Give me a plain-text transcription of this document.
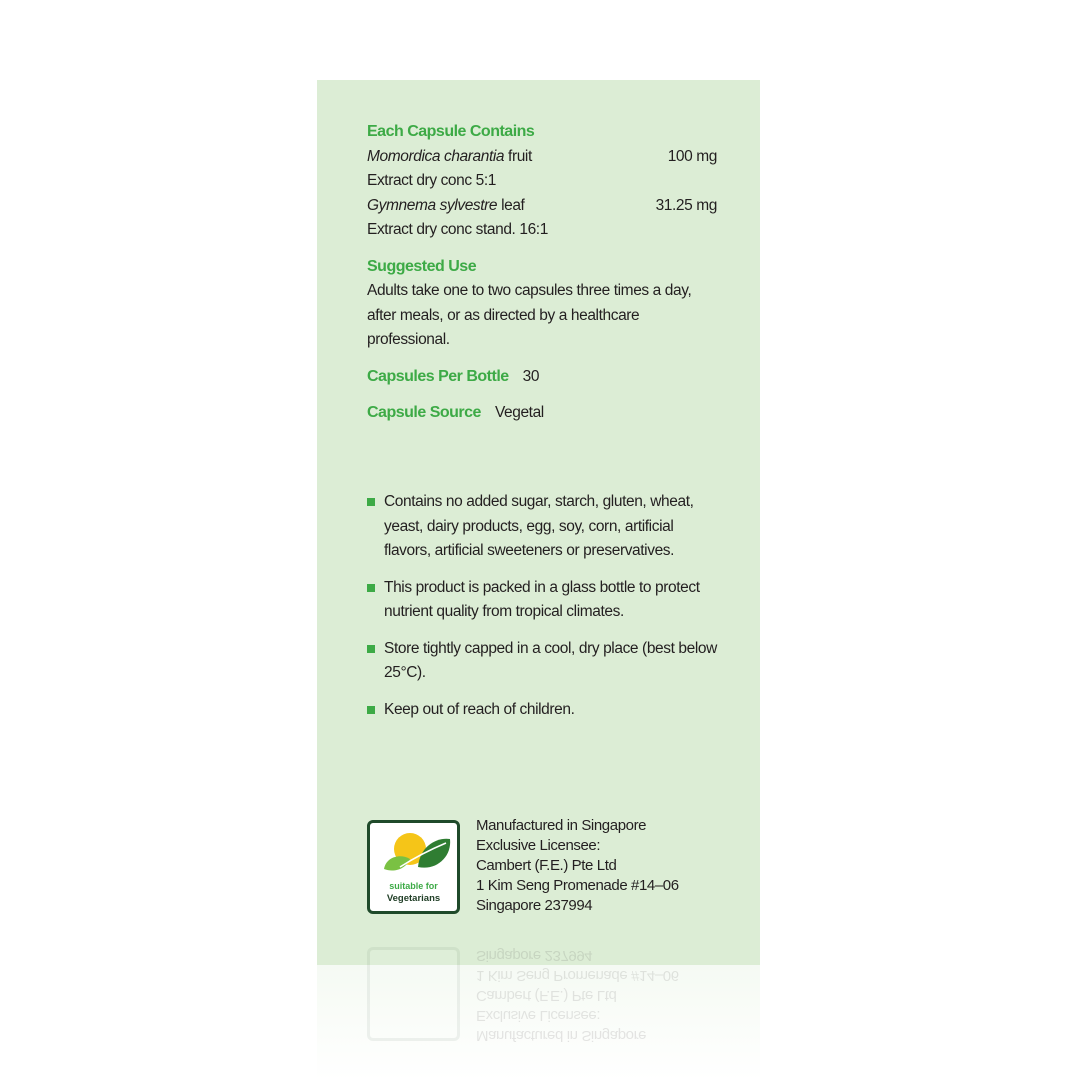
Each Capsule Contains
Momordica charantia fruit	100 mg
Extract dry conc 5:1
Gymnema sylvestre leaf	31.25 mg
Extract dry conc stand. 16:1
Suggested Use
Adults take one to two capsules three times a day, after meals, or as directed by a healthcare professional.
Capsules Per Bottle 30
Capsule Source Vegetal
Contains no added sugar, starch, gluten, wheat, yeast, dairy products, egg, soy, corn, artificial flavors, artificial sweeteners or preservatives.
This product is packed in a glass bottle to protect nutrient quality from tropical climates.
Store tightly capped in a cool, dry place (best below 25°C).
Keep out of reach of children.
suitable for
Vegetarians
Manufactured in Singapore
Exclusive Licensee:
Cambert (F.E.) Pte Ltd
1 Kim Seng Promenade #14–06
Singapore 237994
Manufactured in Singapore
Exclusive Licensee:
Cambert (F.E.) Pte Ltd
1 Kim Seng Promenade #14–06
Singapore 237994
